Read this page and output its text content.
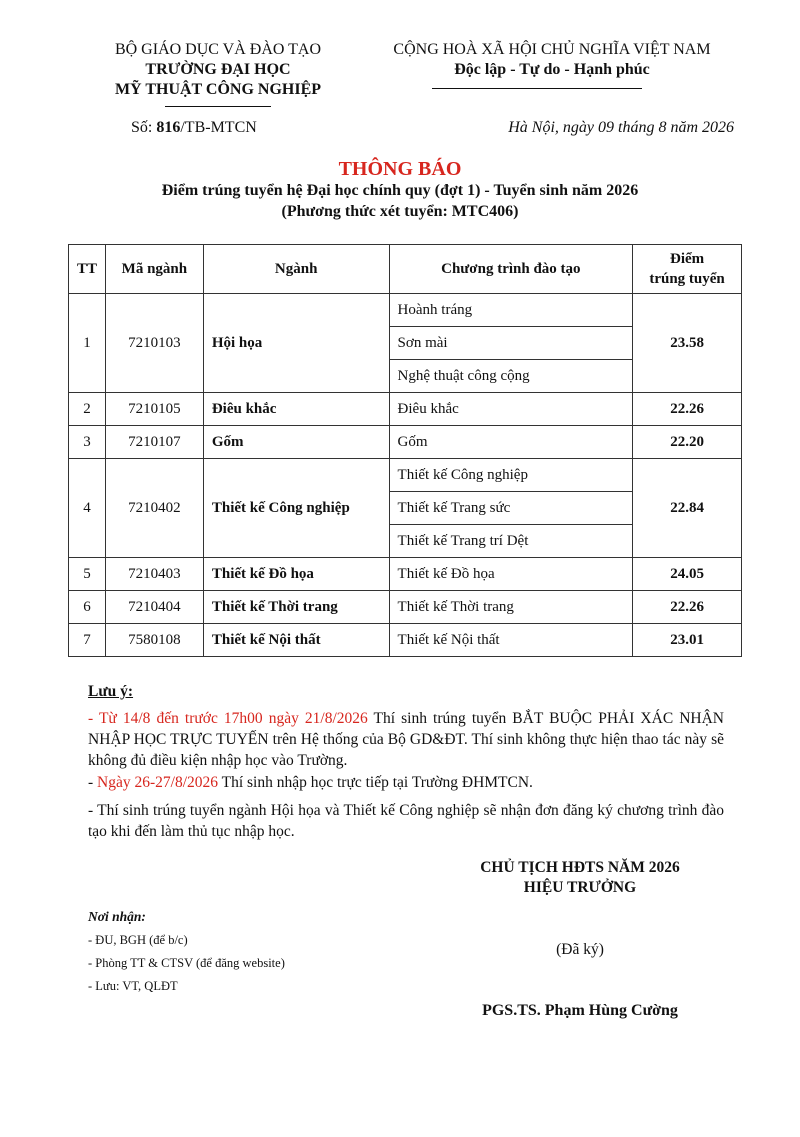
BỘ GIÁO DỤC VÀ ĐÀO TẠO
TRƯỜNG ĐẠI HỌC
MỸ THUẬT CÔNG NGHIỆP
Số: 816/TB-MTCN
CỘNG HOÀ XÃ HỘI CHỦ NGHĨA VIỆT NAM
Độc lập - Tự do - Hạnh phúc
Hà Nội, ngày 09 tháng 8 năm 2026
THÔNG BÁO
Điểm trúng tuyển hệ Đại học chính quy (đợt 1) - Tuyển sinh năm 2026
(Phương thức xét tuyển: MTC406)
TT	Mã ngành	Ngành	Chương trình đào tạo	Điểm
trúng tuyển

1	7210103	Hội họa	Hoành tráng	23.58
			Sơn mài	
			Nghệ thuật công cộng	
2	7210105	Điêu khắc	Điêu khắc	22.26
3	7210107	Gốm	Gốm	22.20
4	7210402	Thiết kế Công nghiệp	Thiết kế Công nghiệp	22.84
			Thiết kế Trang sức	
			Thiết kế Trang trí Dệt	
5	7210403	Thiết kế Đồ họa	Thiết kế Đồ họa	24.05
6	7210404	Thiết kế Thời trang	Thiết kế Thời trang	22.26
7	7580108	Thiết kế Nội thất	Thiết kế Nội thất	23.01
Lưu ý:
- Từ 14/8 đến trước 17h00 ngày 21/8/2026 Thí sinh trúng tuyển BẮT BUỘC PHẢI XÁC NHẬN NHẬP HỌC TRỰC TUYẾN trên Hệ thống của Bộ GD&ĐT. Thí sinh không thực hiện thao tác này sẽ không đủ điều kiện nhập học vào Trường.
- Ngày 26-27/8/2026 Thí sinh nhập học trực tiếp tại Trường ĐHMTCN.
- Thí sinh trúng tuyển ngành Hội họa và Thiết kế Công nghiệp sẽ nhận đơn đăng ký chương trình đào tạo khi đến làm thủ tục nhập học.
CHỦ TỊCH HĐTS NĂM 2026
HIỆU TRƯỞNG
(Đã ký)
PGS.TS. Phạm Hùng Cường
Nơi nhận:
- ĐU, BGH (để b/c)
- Phòng TT & CTSV (để đăng website)
- Lưu: VT, QLĐT
